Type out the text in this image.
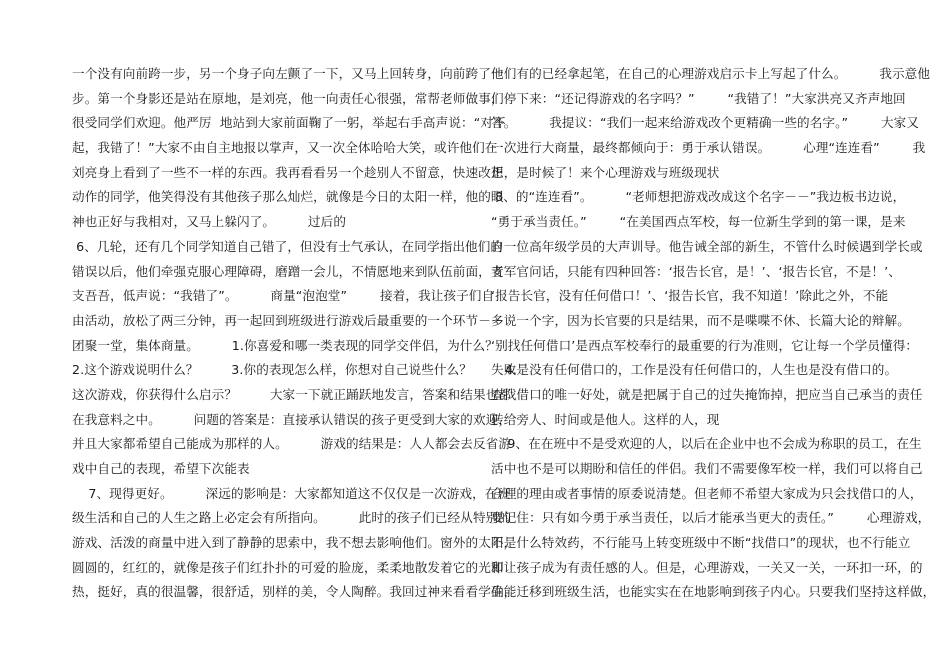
一个没有向前跨一步，另一个身子向左颤了一下，又马上回转身，向前跨了一
步。第一个身影还是站在原地，是刘亮，他一向责任心很强，常帮老师做事，
很受同学们欢迎。他严厉  地站到大家前面鞠了一躬，举起右手高声说：“对不
起，我错了！”大家不由自主地报以掌声，又一次全体哈哈大笑，或许他们在
刘亮身上看到了一些不一样的东西。我再看看另一个趁别人不留意，快速改正
动作的同学，他笑得没有其他孩子那么灿烂，就像是今日的太阳一样，他的眼
神也正好与我相对，又马上躲闪了。        过后的
6、几轮，还有几个同学知道自己错了，但没有士气承认，在同学指出他们的
错误以后，他们牵强克服心理障碍，磨蹭一会儿，不情愿地来到队伍前面，支
支吾吾，低声说：“我错了”。        商量“泡泡堂”        接着，我让孩子们自
由活动，放松了两三分钟，再一起回到班级进行游戏后最重要的一个环节－－
团聚一堂，集体商量。        1.你喜爱和哪一类表现的同学交伴侣，为什么？
2.这个游戏说明什么？        3.你的表现怎么样，你想对自己说些什么？        4.
这次游戏，你获得什么启示？        大家一下就正踊跃地发言，答案和结果也都
在我意料之中。        问题的答案是：直接承认错误的孩子更受到大家的欢迎，
并且大家都希望自己能成为那样的人。        游戏的结果是：人人都会去反省游
戏中自己的表现，希望下次能表
7、现得更好。        深远的影响是：大家都知道这不仅仅是一次游戏，在班
级生活和自己的人生之路上必定会有所指向。        此时的孩子们已经从特别的
游戏、活泼的商量中进入到了静静的思索中，我不想去影响他们。窗外的太阳，
圆圆的，红红的，就像是孩子们红扑扑的可爱的脸庞，柔柔地散发着它的光和
热，挺好，真的很温馨，很舒适，别样的美，令人陶醉。我回过神来看看学生，
他们有的已经拿起笔，在自己的心理游戏启示卡上写起了什么。        我示意他
们停下来：“还记得游戏的名字吗？”        “我错了！”大家洪亮又齐声地回
答。        我提议：“我们一起来给游戏改个更精确一些的名字。”        大家又
一次进行大商量，最终都倾向于：勇于承认错误。        心理“连连看”        我
想，是时候了！来个心理游戏与班级现状
8、的“连连看”。        “老师想把游戏改成这个名字－－”我边板书边说，
“勇于承当责任。”        “在美国西点军校，每一位新生学到的第一课，是来
自一位高年级学员的大声训导。他告诫全部的新生，不管什么时候遇到学长或
者军官问话，只能有四种回答：‘报告长官，是！’、‘报告长官，不是！’、
‘报告长官，没有任何借口！’、‘报告长官，我不知道！’除此之外，不能
多说一个字，因为长官要的只是结果，而不是喋喋不休、长篇大论的辩解。
‘别找任何借口’是西点军校奉行的最重要的行为准则，它让每一个学员懂得：
失败是没有任何借口的，工作是没有任何借口的，人生也是没有借口的。
查找借口的唯一好处，就是把属于自己的过失掩饰掉，把应当自己承当的责任
转给旁人、时间或是他人。这样的人，现
9、在在班中不是受欢迎的人，以后在企业中也不会成为称职的员工，在生
活中也不是可以期盼和信任的伴侣。我们不需要像军校一样，我们可以将自己
合理的理由或者事情的原委说清楚。但老师不希望大家成为只会找借口的人，
要记住：只有如今勇于承当责任，以后才能承当更大的责任。”        心理游戏，
不是什么特效药，不行能马上转变班级中不断“找借口”的现状，也不行能立
即让孩子成为有责任感的人。但是，心理游戏，一关又一关，一环扣一环，的
确能迁移到班级生活，也能实实在在地影响到孩子内心。只要我们坚持这样做，
